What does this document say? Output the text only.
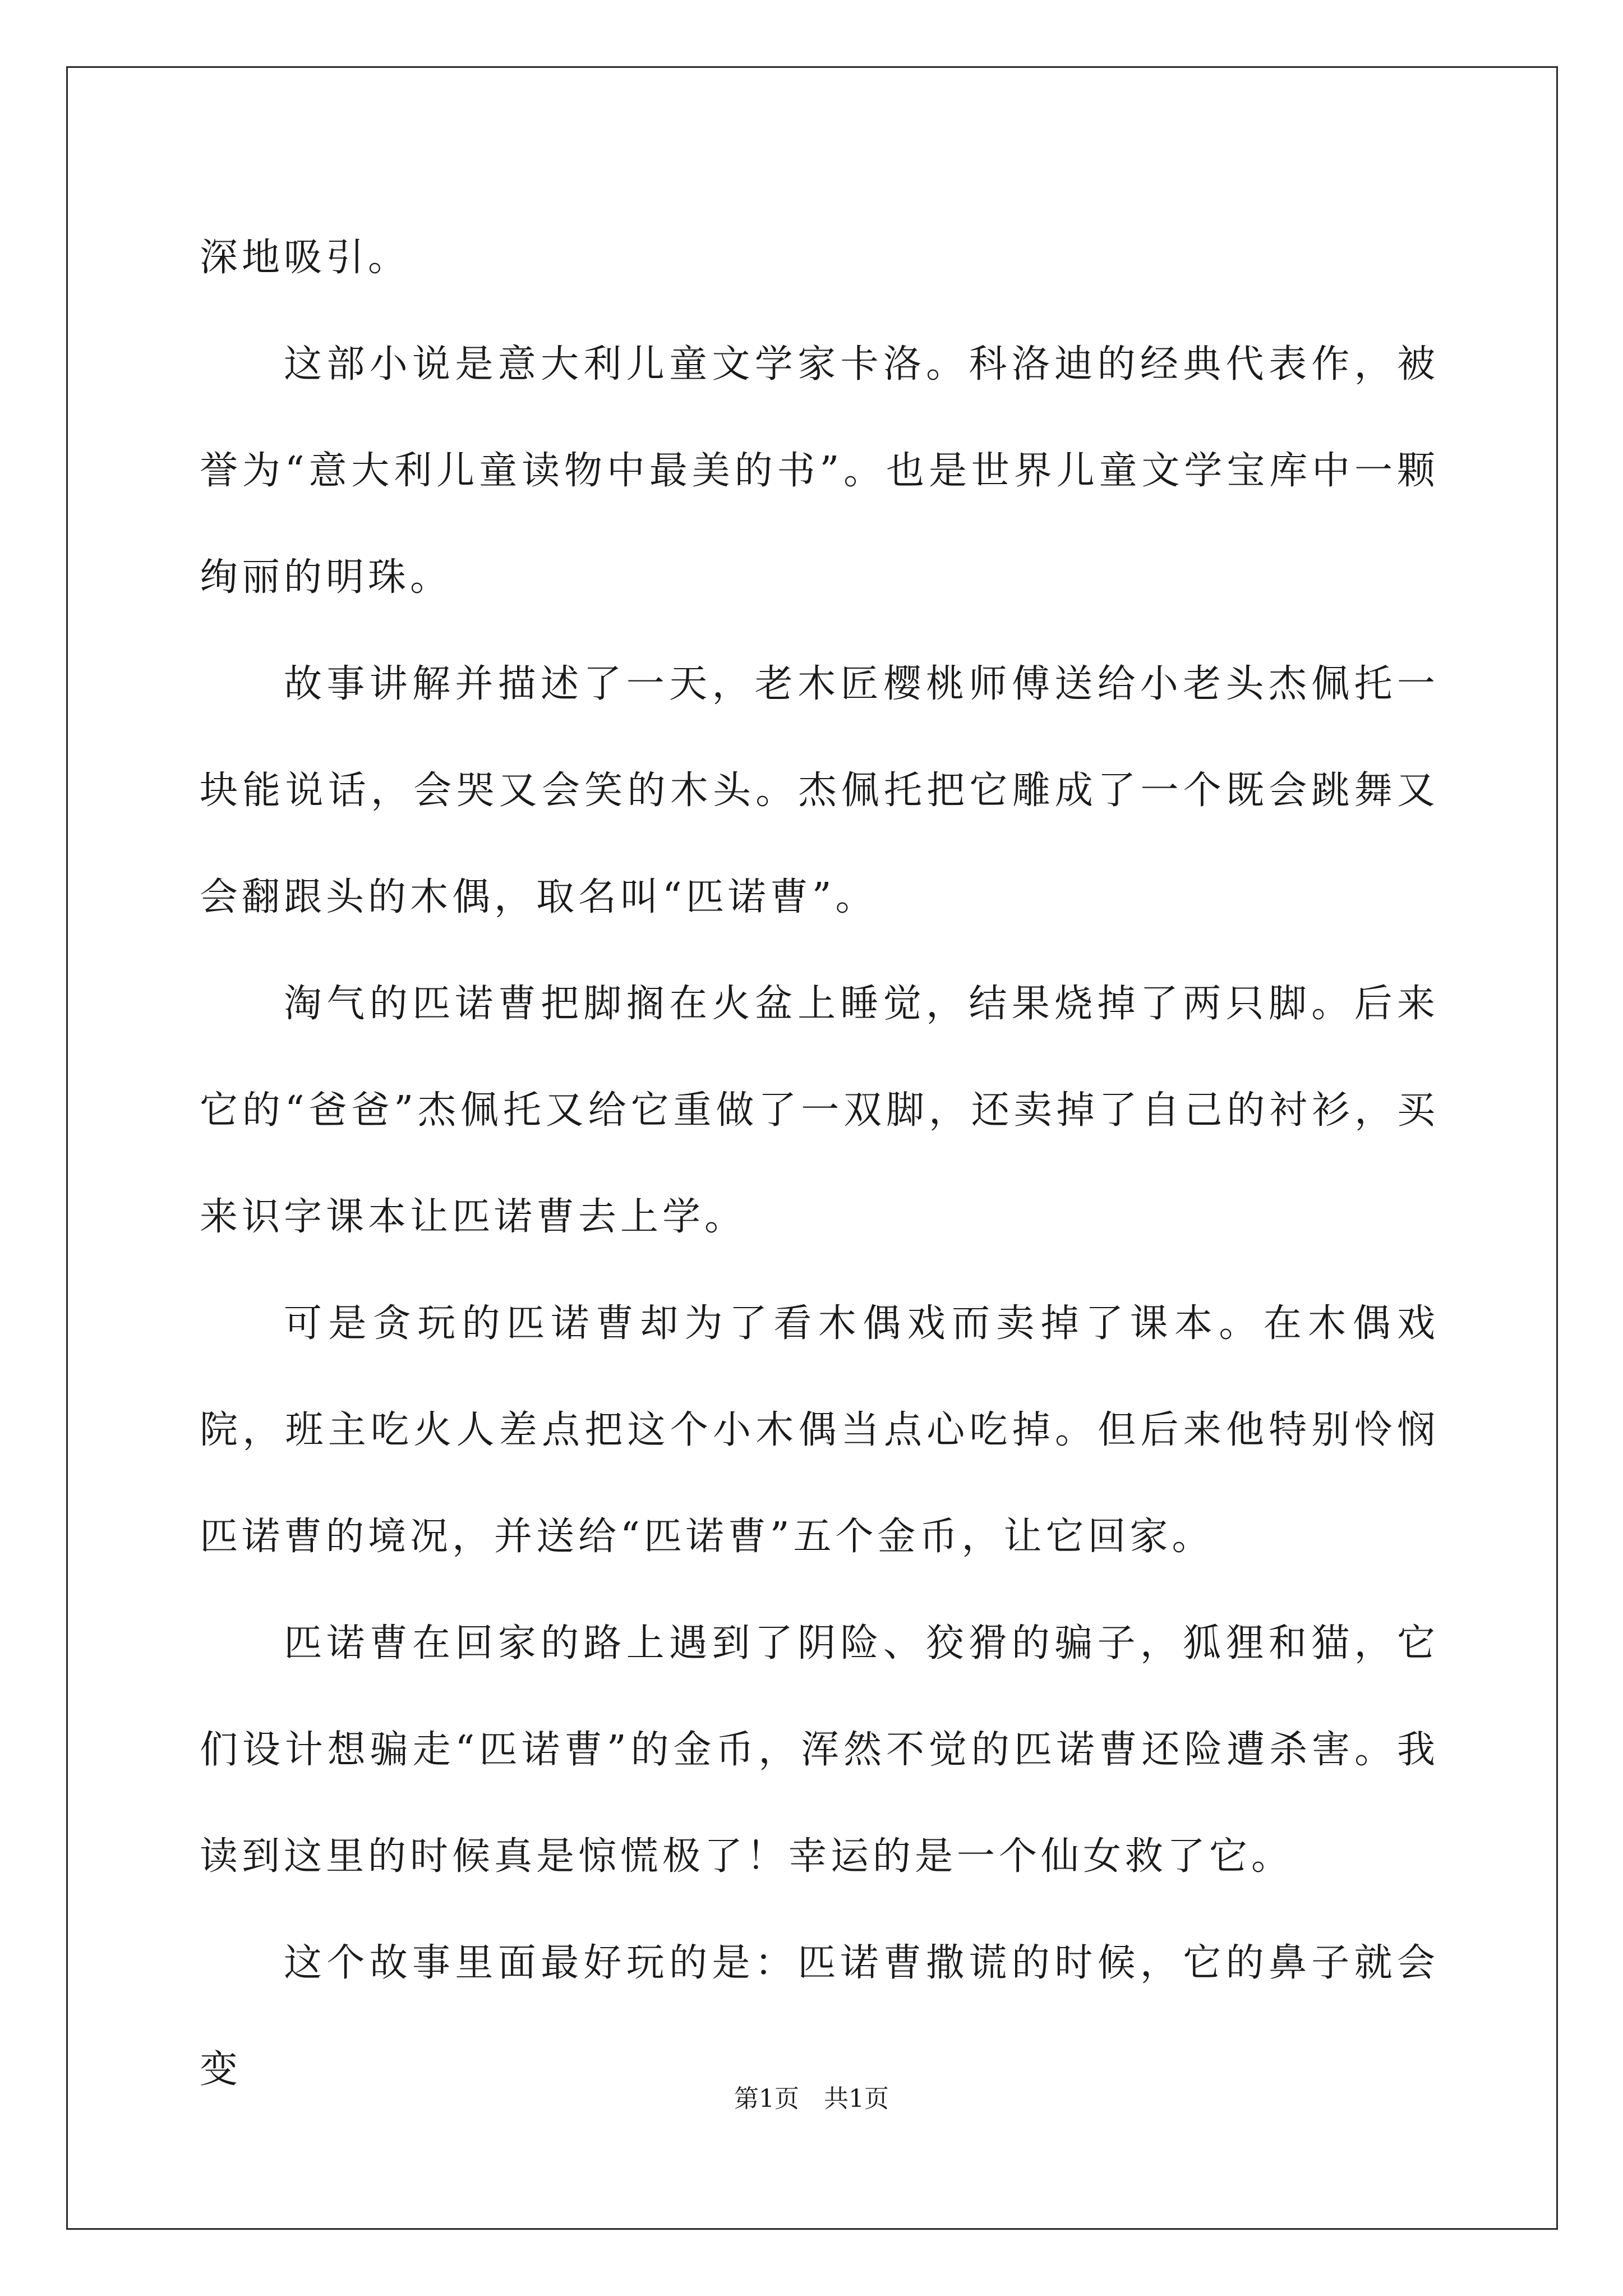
深地吸引。

这部小说是意大利儿童文学家卡洛。科洛迪的经典代表作，被誉为“意大利儿童读物中最美的书”。也是世界儿童文学宝库中一颗绚丽的明珠。

故事讲解并描述了一天，老木匠樱桃师傅送给小老头杰佩托一块能说话，会哭又会笑的木头。杰佩托把它雕成了一个既会跳舞又会翻跟头的木偶，取名叫“匹诺曹”。

淘气的匹诺曹把脚搁在火盆上睡觉，结果烧掉了两只脚。后来它的“爸爸”杰佩托又给它重做了一双脚，还卖掉了自己的衬衫，买来识字课本让匹诺曹去上学。

可是贪玩的匹诺曹却为了看木偶戏而卖掉了课本。在木偶戏院，班主吃火人差点把这个小木偶当点心吃掉。但后来他特别怜悯匹诺曹的境况，并送给“匹诺曹”五个金币，让它回家。

匹诺曹在回家的路上遇到了阴险、狡猾的骗子，狐狸和猫，它们设计想骗走“匹诺曹”的金币，浑然不觉的匹诺曹还险遭杀害。我读到这里的时候真是惊慌极了！幸运的是一个仙女救了它。

这个故事里面最好玩的是：匹诺曹撒谎的时候，它的鼻子就会变

第1页 共1页
